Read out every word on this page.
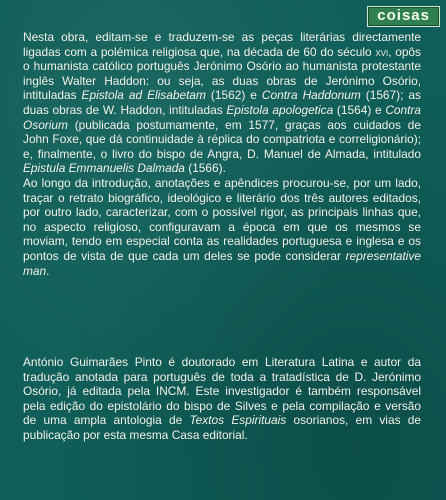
coisas

Nesta obra, editam-se e traduzem-se as peças literárias directamente ligadas com a polémica religiosa que, na década de 60 do século xvi, opôs o humanista católico português Jerónimo Osório ao humanista protestante inglês Walter Haddon: ou seja, as duas obras de Jerónimo Osório, intituladas Epistola ad Elisabetam (1562) e Contra Haddonum (1567); as duas obras de W. Haddon, intituladas Epistola apologetica (1564) e Contra Osorium (publicada postumamente, em 1577, graças aos cuidados de John Foxe, que dá continuidade à réplica do compatriota e correligionário); e, finalmente, o livro do bispo de Angra, D. Manuel de Almada, intitulado Epistula Emmanuelis Dalmada (1566).

Ao longo da introdução, anotações e apêndices procurou-se, por um lado, traçar o retrato biográfico, ideológico e literário dos três autores editados, por outro lado, caracterizar, com o possível rigor, as principais linhas que, no aspecto religioso, configuravam a época em que os mesmos se moviam, tendo em especial conta as realidades portuguesa e inglesa e os pontos de vista de que cada um deles se pode considerar representative man.

António Guimarães Pinto é doutorado em Literatura Latina e autor da tradução anotada para português de toda a tratadística de D. Jerónimo Osório, já editada pela INCM. Este investigador é também responsável pela edição do epistolário do bispo de Silves e pela compilação e versão de uma ampla antologia de Textos Espirituais osorianos, em vias de publicação por esta mesma Casa editorial.
